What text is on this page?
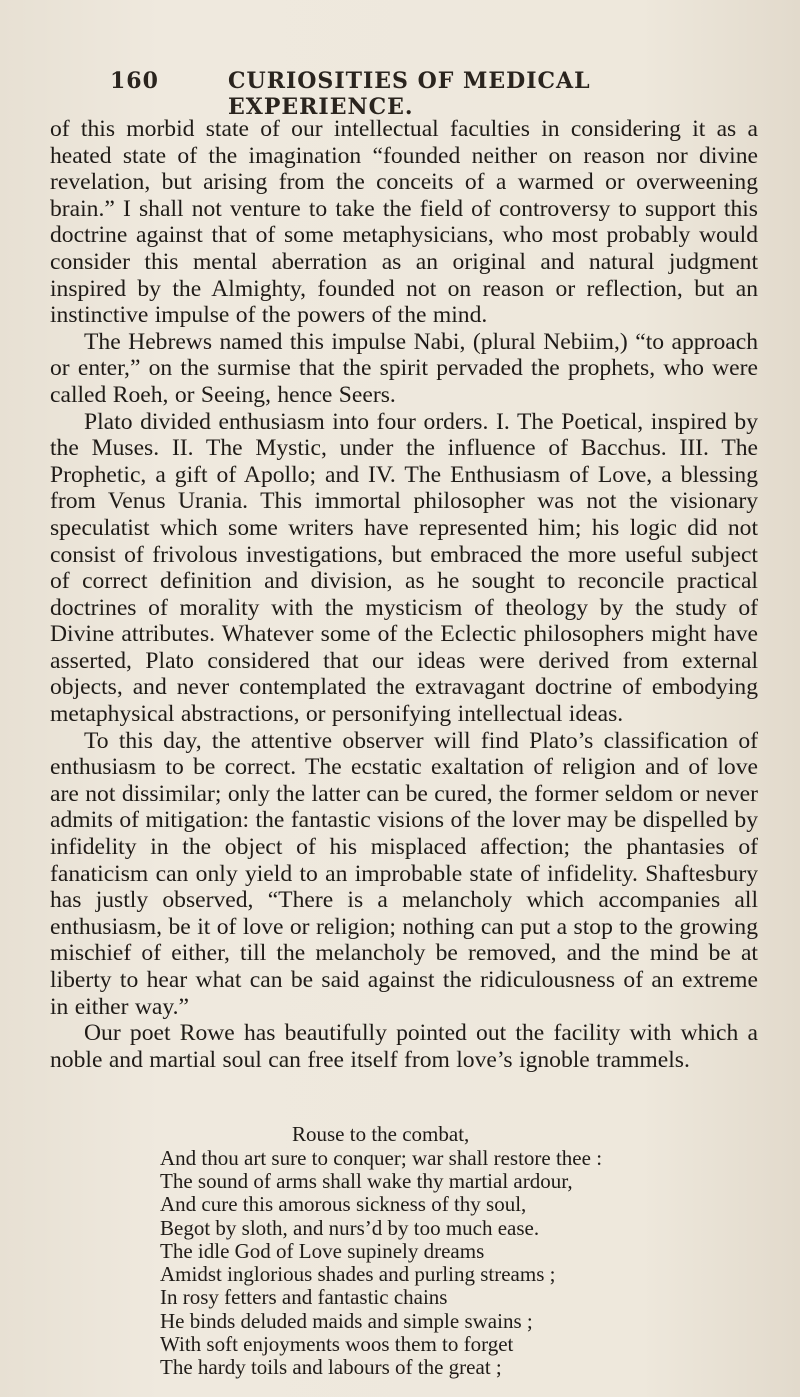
160	CURIOSITIES OF MEDICAL EXPERIENCE.

of this morbid state of our intellectual faculties in considering it as a heated state of the imagination “founded neither on reason nor divine revelation, but arising from the conceits of a warmed or overweening brain.” I shall not venture to take the field of controversy to support this doctrine against that of some metaphysicians, who most probably would consider this mental aberration as an original and natural judgment inspired by the Almighty, founded not on reason or reflection, but an instinctive impulse of the powers of the mind.

The Hebrews named this impulse Nabi, (plural Nebiim,) “to approach or enter,” on the surmise that the spirit pervaded the prophets, who were called Roeh, or Seeing, hence Seers.

Plato divided enthusiasm into four orders. I. The Poetical, inspired by the Muses. II. The Mystic, under the influence of Bacchus. III. The Prophetic, a gift of Apollo; and IV. The Enthusiasm of Love, a blessing from Venus Urania. This immortal philosopher was not the visionary speculatist which some writers have represented him; his logic did not consist of frivolous investigations, but embraced the more useful subject of correct definition and division, as he sought to reconcile practical doctrines of morality with the mysticism of theology by the study of Divine attributes. Whatever some of the Eclectic philosophers might have asserted, Plato considered that our ideas were derived from external objects, and never contemplated the extravagant doctrine of embodying metaphysical abstractions, or personifying intellectual ideas.

To this day, the attentive observer will find Plato’s classification of enthusiasm to be correct. The ecstatic exaltation of religion and of love are not dissimilar; only the latter can be cured, the former seldom or never admits of mitigation: the fantastic visions of the lover may be dispelled by infidelity in the object of his misplaced affection; the phantasies of fanaticism can only yield to an improbable state of infidelity. Shaftesbury has justly observed, “There is a melancholy which accompanies all enthusiasm, be it of love or religion; nothing can put a stop to the growing mischief of either, till the melancholy be removed, and the mind be at liberty to hear what can be said against the ridiculousness of an extreme in either way.”

Our poet Rowe has beautifully pointed out the facility with which a noble and martial soul can free itself from love’s ignoble trammels.

Rouse to the combat,
And thou art sure to conquer; war shall restore thee :
The sound of arms shall wake thy martial ardour,
And cure this amorous sickness of thy soul,
Begot by sloth, and nurs’d by too much ease.
The idle God of Love supinely dreams
Amidst inglorious shades and purling streams ;
In rosy fetters and fantastic chains
He binds deluded maids and simple swains ;
With soft enjoyments woos them to forget
The hardy toils and labours of the great ;
